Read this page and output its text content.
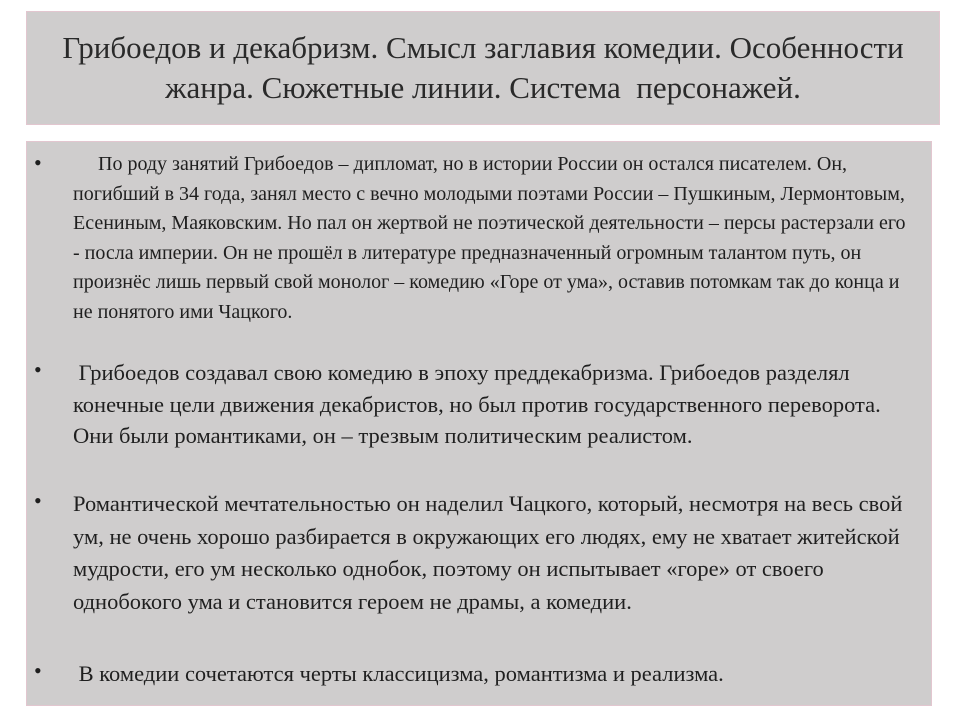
Грибоедов и декабризм. Смысл заглавия комедии. Особенности жанра. Сюжетные линии. Система  персонажей.
• По роду занятий Грибоедов – дипломат, но в истории России он остался писателем. Он, погибший в 34 года, занял место с вечно молодыми поэтами России – Пушкиным, Лермонтовым, Есениным, Маяковским. Но пал он жертвой не поэтической деятельности – персы растерзали его - посла империи. Он не прошёл в литературе предназначенный огромным талантом путь, он произнёс лишь первый свой монолог – комедию «Горе от ума», оставив потомкам так до конца и не понятого ими Чацкого.
• Грибоедов создавал свою комедию в эпоху преддекабризма. Грибоедов разделял конечные цели движения декабристов, но был против государственного переворота. Они были романтиками, он – трезвым политическим реалистом.
• Романтической мечтательностью он наделил Чацкого, который, несмотря на весь свой ум, не очень хорошо разбирается в окружающих его людях, ему не хватает житейской мудрости, его ум несколько однобок, поэтому он испытывает «горе» от своего однобокого ума и становится героем не драмы, а комедии.
• В комедии сочетаются черты классицизма, романтизма и реализма.
